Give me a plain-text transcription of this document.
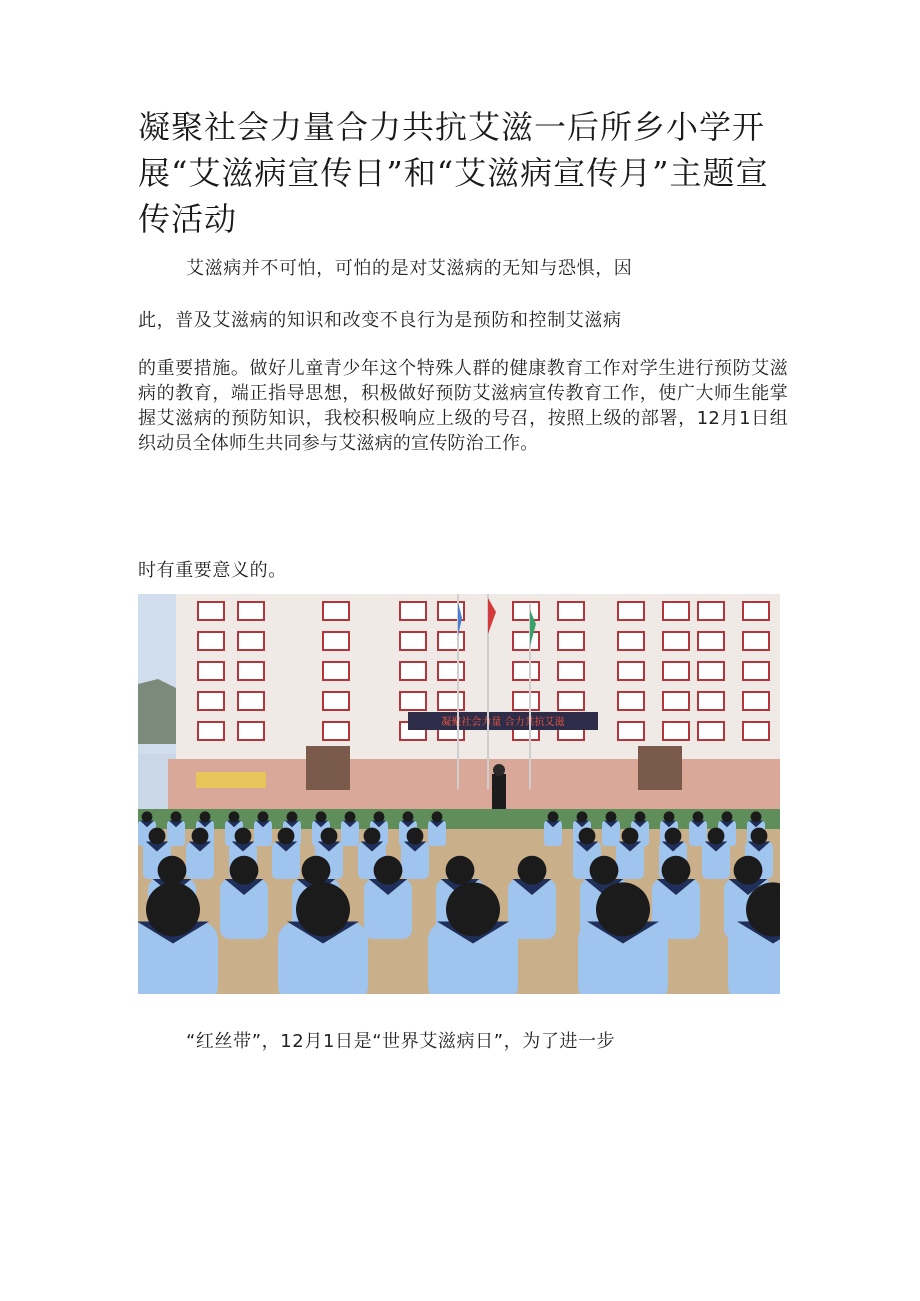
凝聚社会力量合力共抗艾滋一后所乡小学开展“艾滋病宣传日”和“艾滋病宣传月”主题宣传活动

艾滋病并不可怕，可怕的是对艾滋病的无知与恐惧，因

此，普及艾滋病的知识和改变不良行为是预防和控制艾滋病

的重要措施。做好儿童青少年这个特殊人群的健康教育工作对学生进行预防艾滋病的教育，端正指导思想，积极做好预防艾滋病宣传教育工作，使广大师生能掌握艾滋病的预防知识，我校积极响应上级的号召，按照上级的部署，12月1日组织动员全体师生共同参与艾滋病的宣传防治工作。

时有重要意义的。

凝聚社会力量 合力共抗艾滋

“红丝带”，12月1日是“世界艾滋病日”，为了进一步
